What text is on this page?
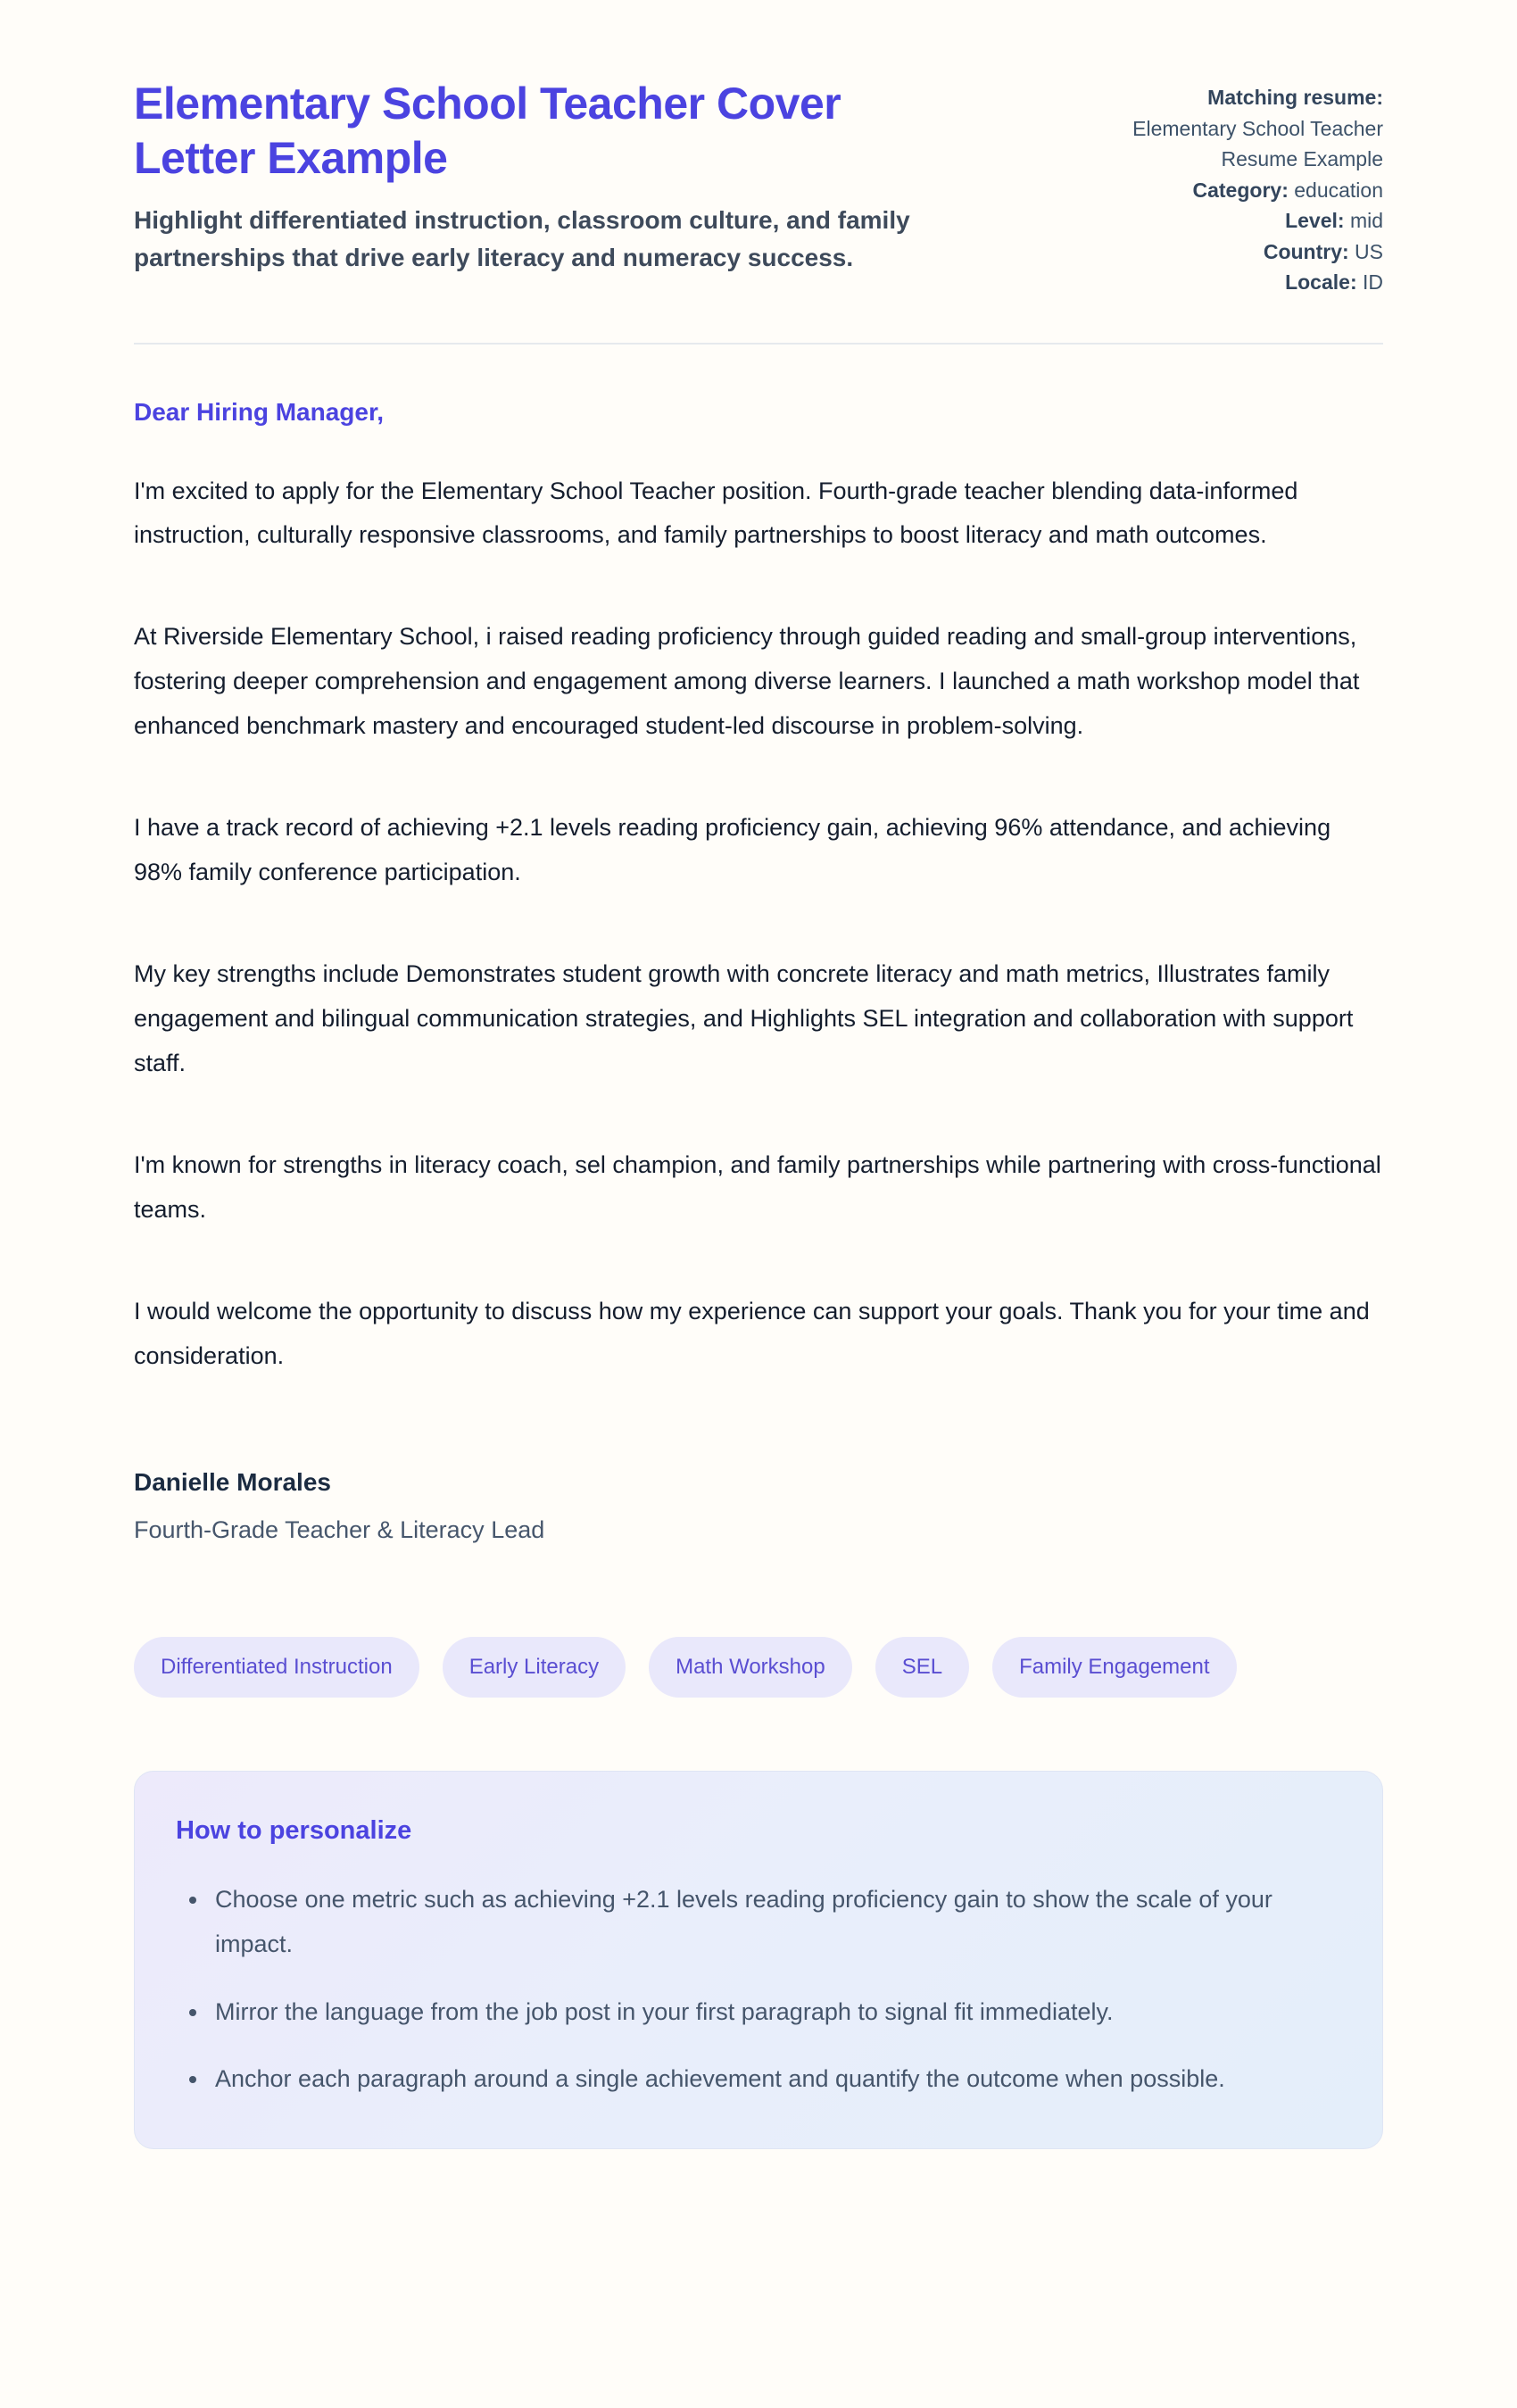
Elementary School Teacher Cover Letter Example

Highlight differentiated instruction, classroom culture, and family partnerships that drive early literacy and numeracy success.

Matching resume:
Elementary School Teacher Resume Example
Category: education
Level: mid
Country: US
Locale: ID

Dear Hiring Manager,

I'm excited to apply for the Elementary School Teacher position. Fourth-grade teacher blending data-informed instruction, culturally responsive classrooms, and family partnerships to boost literacy and math outcomes.

At Riverside Elementary School, i raised reading proficiency through guided reading and small-group interventions, fostering deeper comprehension and engagement among diverse learners. I launched a math workshop model that enhanced benchmark mastery and encouraged student-led discourse in problem-solving.

I have a track record of achieving +2.1 levels reading proficiency gain, achieving 96% attendance, and achieving 98% family conference participation.

My key strengths include Demonstrates student growth with concrete literacy and math metrics, Illustrates family engagement and bilingual communication strategies, and Highlights SEL integration and collaboration with support staff.

I'm known for strengths in literacy coach, sel champion, and family partnerships while partnering with cross-functional teams.

I would welcome the opportunity to discuss how my experience can support your goals. Thank you for your time and consideration.

Danielle Morales

Fourth-Grade Teacher & Literacy Lead

Differentiated Instruction	Early Literacy	Math Workshop	SEL	Family Engagement
How to personalize
• Choose one metric such as achieving +2.1 levels reading proficiency gain to show the scale of your impact.
• Mirror the language from the job post in your first paragraph to signal fit immediately.
• Anchor each paragraph around a single achievement and quantify the outcome when possible.
